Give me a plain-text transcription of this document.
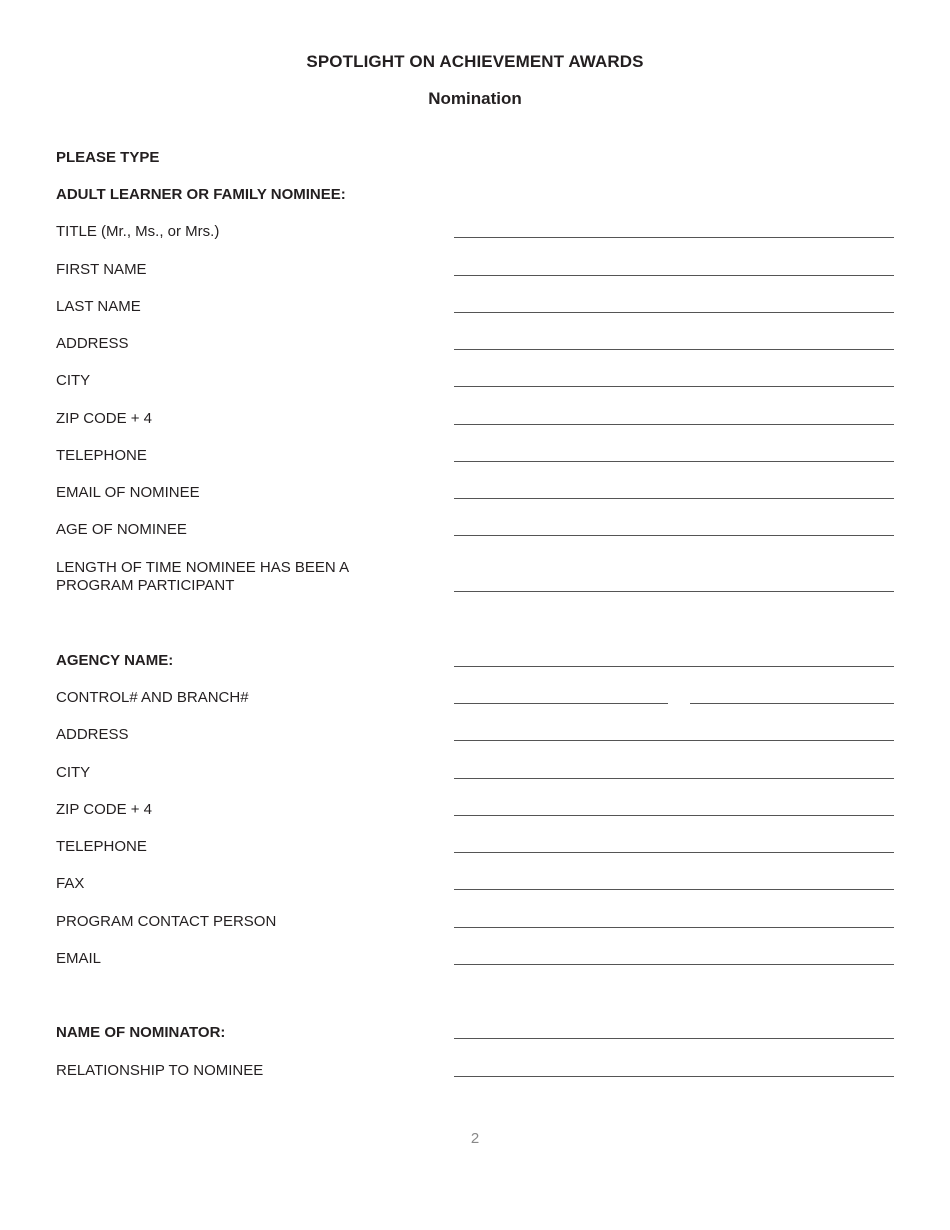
SPOTLIGHT ON ACHIEVEMENT AWARDS
Nomination
PLEASE TYPE
ADULT LEARNER OR FAMILY NOMINEE:
TITLE (Mr., Ms., or Mrs.)
FIRST NAME
LAST NAME
ADDRESS
CITY
ZIP CODE + 4
TELEPHONE
EMAIL OF NOMINEE
AGE OF NOMINEE
LENGTH OF TIME NOMINEE HAS BEEN A
PROGRAM PARTICIPANT
AGENCY NAME:
CONTROL# AND BRANCH#
ADDRESS
CITY
ZIP CODE + 4
TELEPHONE
FAX
PROGRAM CONTACT PERSON
EMAIL
NAME OF NOMINATOR:
RELATIONSHIP TO NOMINEE
2
